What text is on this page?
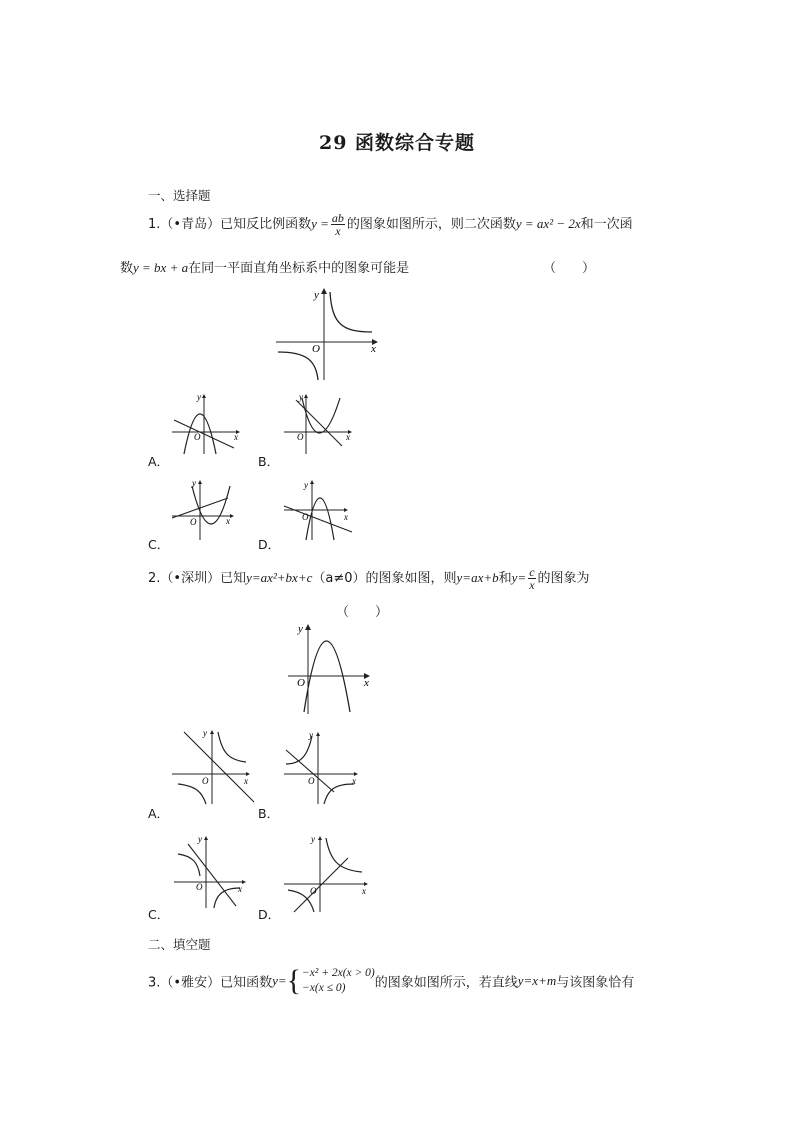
29 函数综合专题
一、选择题
1.（•青岛）已知反比例函数$y = \frac{ab}{x}$ 的图象如图所示，则二次函数y = ax² − 2x和一次函
数y = bx + a在同一平面直角坐标系中的图象可能是	（　　）
y
x
O
y
x
O
A．
y
x
O
B．
y
x
O
C．
y
x
O
D．
2.（•深圳）已知y=ax²+bx+c（a≠0）的图象如图，则y=ax+b和$y= \frac{c}{x}$ 的图象为
（　　）
y
x
O
y
x
O
A．
y
x
O
B．
y
x
O
C．
y
x
O
D．
二、填空题
3.（•雅安）已知函数y={ −x² + 2x(x > 0)
−x(x ≤ 0)	的图象如图所示，若直线y=x+m与该图象恰有
